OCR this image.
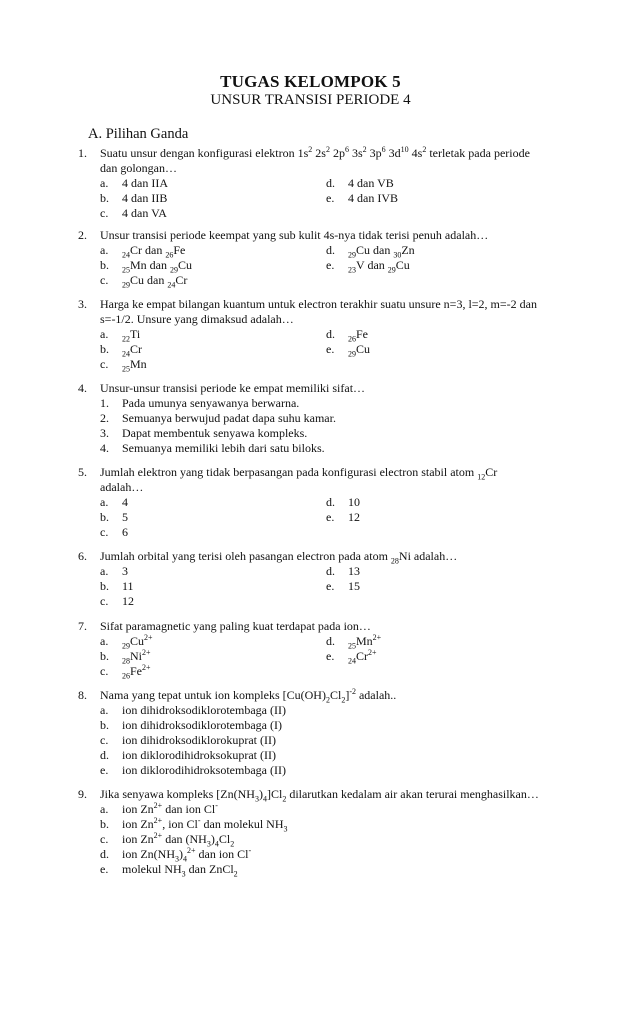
TUGAS KELOMPOK 5
UNSUR TRANSISI PERIODE 4
A. Pilihan Ganda
1.	Suatu unsur dengan konfigurasi elektron $1s^2$ $2s^2$ $2p^6$ $3s^2$ $3p^6$ $3d^{10}$ $4s^2$ terletak pada periode
dan golongan…
a. 4 dan IIA
b. 4 dan IIB
c. 4 dan VA
d. 4 dan VB
e. 4 dan IVB
2.	Unsur transisi periode keempat yang sub kulit 4s-nya tidak terisi penuh adalah…
a. $_{24}$Cr dan $_{26}$Fe
b. $_{25}$Mn dan $_{29}$Cu
c. $_{29}$Cu dan $_{24}$Cr
d. $_{29}$Cu dan $_{30}$Zn
e. $_{23}$V dan $_{29}$Cu
3.	Harga ke empat bilangan kuantum untuk electron terakhir suatu unsure n=3, l=2, m=-2 dan
s=-1/2. Unsure yang dimaksud adalah…
a. $_{22}$Ti
b. $_{24}$Cr
c. $_{25}$Mn
d. $_{26}$Fe
e. $_{29}$Cu
4.	Unsur-unsur transisi periode ke empat memiliki sifat…
1. Pada umunya senyawanya berwarna.
2. Semuanya berwujud padat dapa suhu kamar.
3. Dapat membentuk senyawa kompleks.
4. Semuanya memiliki lebih dari satu biloks.
5.	Jumlah elektron yang tidak berpasangan pada konfigurasi electron stabil atom $_{12}$Cr
adalah…
a. 4
b. 5
c. 6
d. 10
e. 12
6.	Jumlah orbital yang terisi oleh pasangan electron pada atom $_{28}$Ni adalah…
a. 3
b. 11
c. 12
d. 13
e. 15
7.	Sifat paramagnetic yang paling kuat terdapat pada ion…
a. $_{29}Cu^{2+}$
b. $_{28}Ni^{2+}$
c. $_{26}Fe^{2+}$
d. $_{25}Mn^{2+}$
e. $_{24}Cr^{2+}$
8.	Nama yang tepat untuk ion kompleks $[Cu(OH)_2Cl_2]^{-2}$ adalah..
a. ion dihidroksodiklorotembaga (II)
b. ion dihidroksodiklorotembaga (I)
c. ion dihidroksodiklorokuprat (II)
d. ion diklorodihidroksokuprat (II)
e. ion diklorodihidroksotembaga (II)
9.	Jika senyawa kompleks $[Zn(NH_3)_4]Cl_2$ dilarutkan kedalam air akan terurai menghasilkan…
a. ion $Zn^{2+}$ dan ion Cl-
b. ion $Zn^{2+}$, ion Cl- dan molekul $NH_3$
c. ion $Zn^{2+}$ dan $(NH_3)_4Cl_2$
d. ion $Zn(NH_3)_4^{2+}$ dan ion Cl-
e. molekul $NH_3$ dan ZnCl$_2$
